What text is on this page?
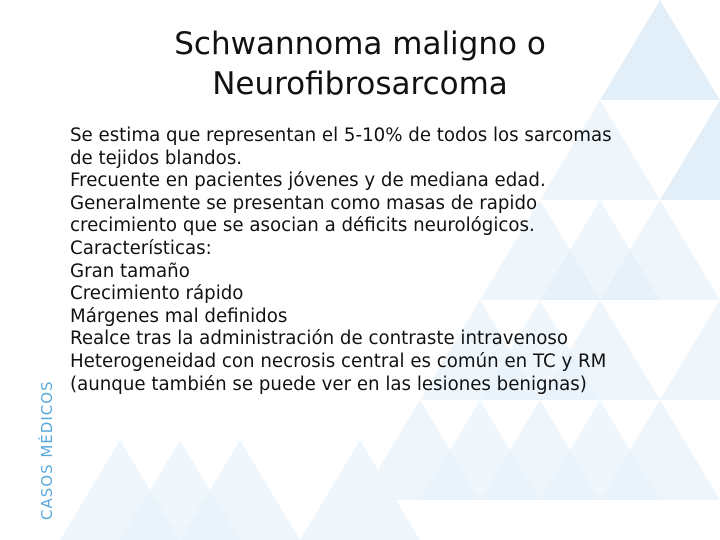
CASOS MÉDICOS
Schwannoma maligno o
Neurofibrosarcoma
Se estima que representan el 5-10% de todos los sarcomas
de tejidos blandos.
Frecuente en pacientes jóvenes y de mediana edad.
Generalmente se presentan como masas de rapido
crecimiento que se asocian a déficits neurológicos.
Características:
Gran tamaño
Crecimiento rápido
Márgenes mal definidos
Realce tras la administración de contraste intravenoso
Heterogeneidad con necrosis central es común en TC y RM
(aunque también se puede ver en las lesiones benignas)
